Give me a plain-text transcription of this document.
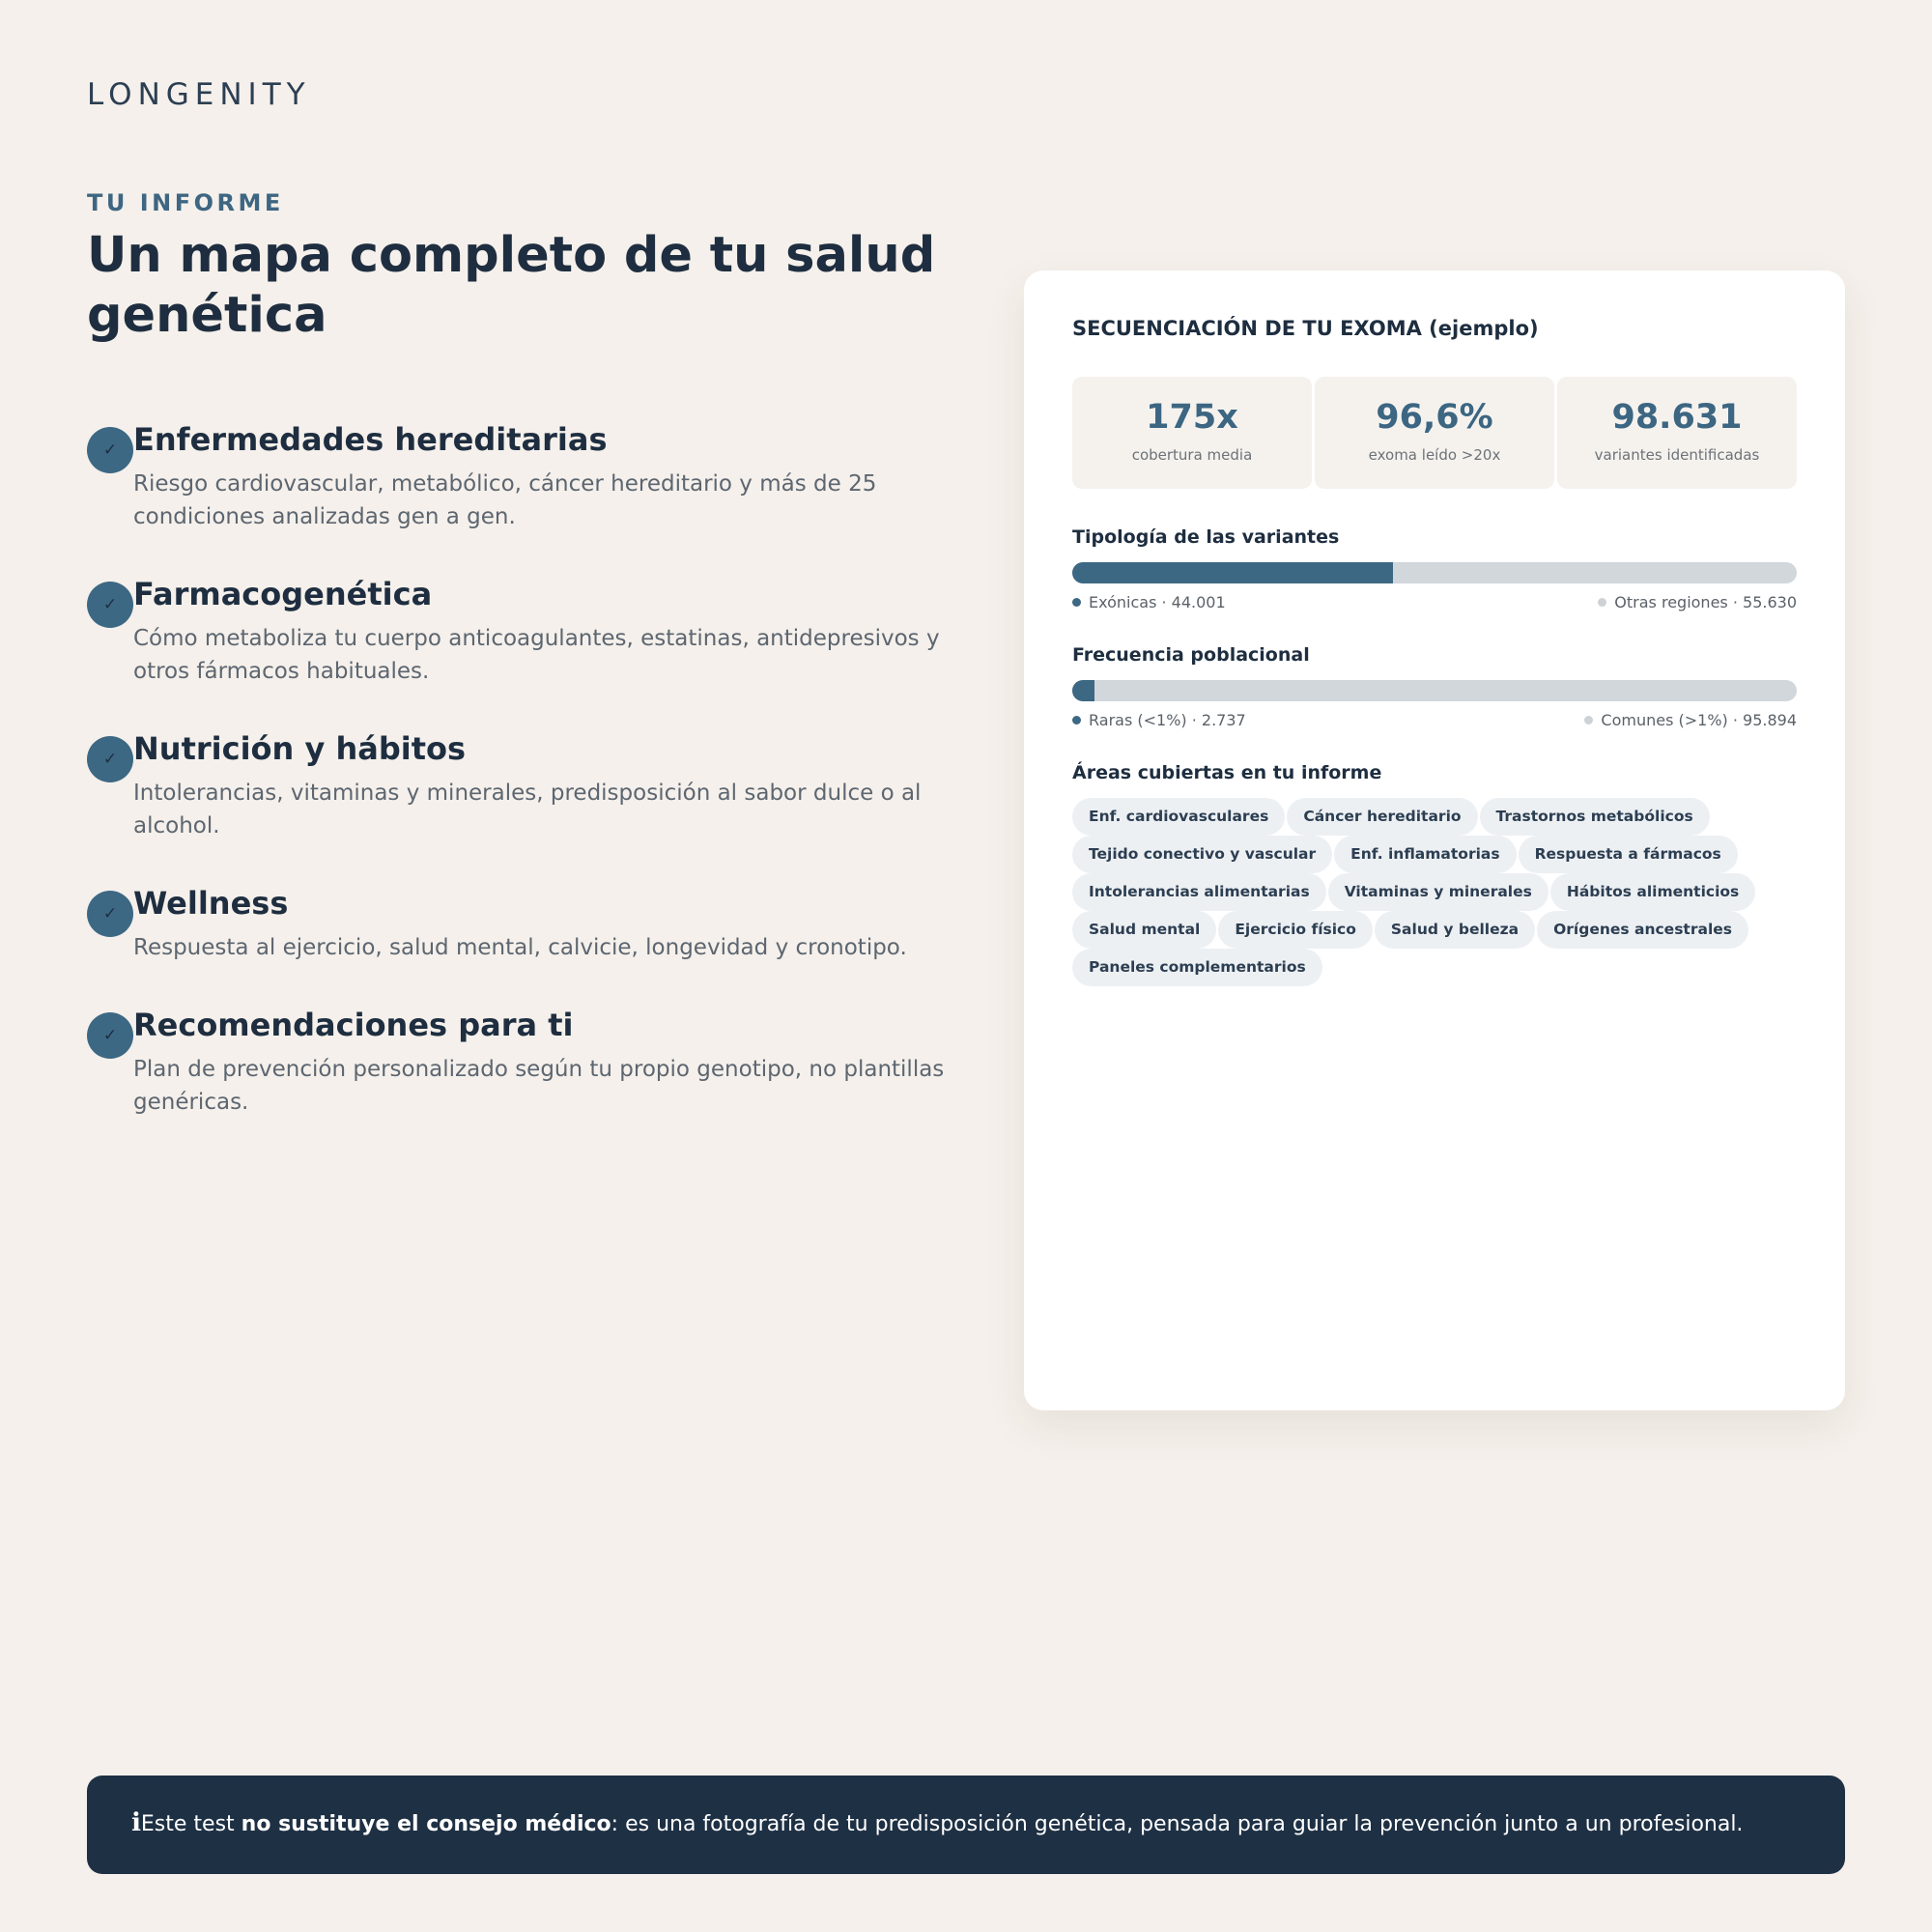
LONGENITY
TU INFORME
Un mapa completo de tu salud genética
✓ Enfermedades hereditarias
Riesgo cardiovascular, metabólico, cáncer hereditario y más de 25 condiciones analizadas gen a gen.
✓ Farmacogenética
Cómo metaboliza tu cuerpo anticoagulantes, estatinas, antidepresivos y otros fármacos habituales.
✓ Nutrición y hábitos
Intolerancias, vitaminas y minerales, predisposición al sabor dulce o al alcohol.
✓ Wellness
Respuesta al ejercicio, salud mental, calvicie, longevidad y cronotipo.
✓ Recomendaciones para ti
Plan de prevención personalizado según tu propio genotipo, no plantillas genéricas.
SECUENCIACIÓN DE TU EXOMA (ejemplo)
175x
cobertura media
96,6%
exoma leído >20x
98.631
variantes identificadas
Tipología de las variantes
Exónicas · 44.001	Otras regiones · 55.630
Frecuencia poblacional
Raras (<1%) · 2.737	Comunes (>1%) · 95.894
Áreas cubiertas en tu informe
Enf. cardiovasculares Cáncer hereditario Trastornos metabólicos
Tejido conectivo y vascular Enf. inflamatorias Respuesta a fármacos
Intolerancias alimentarias Vitaminas y minerales Hábitos alimenticios
Salud mental Ejercicio físico Salud y belleza Orígenes ancestrales
Paneles complementarios
ℹEste test no sustituye el consejo médico: es una fotografía de tu predisposición genética, pensada para guiar la prevención junto a un profesional.
